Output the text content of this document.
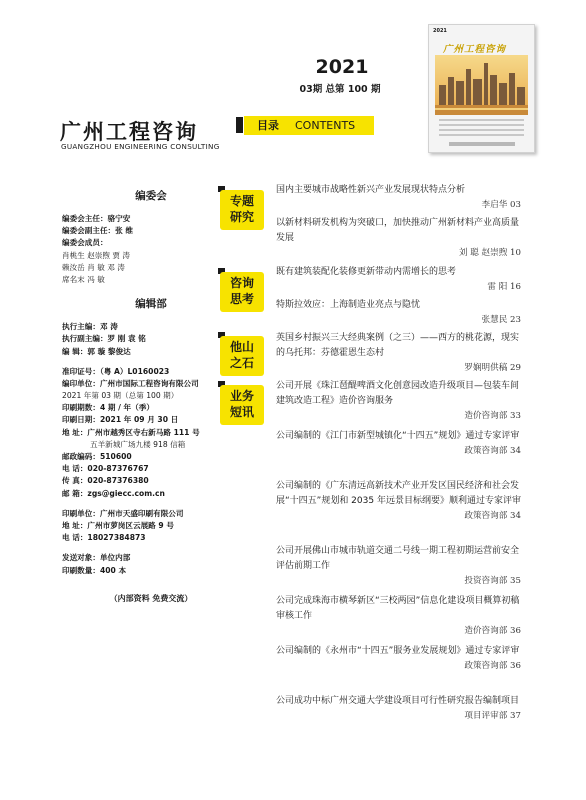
2021
03期 总第 100 期
广州工程咨询
GUANGZHOU ENGINEERING CONSULTING
目录 CONTENTS
2021
广州工程咨询
编委会
编委会主任：骆宁安
编委会副主任：张 维
编委会成员：
肖桃生 赵崇煦 贾 涛
赖汝岳 肖 敏 邓 涛
席名末 冯 敏
编辑部
执行主编：邓 涛
执行副主编：罗 刚 袁 铭
编 辑：郭 璇 黎俊达
准印证号：（粤 A）L0160023
编印单位：广州市国际工程咨询有限公司
2021 年第 03 期（总第 100 期）
印刷期数：4 期 / 年（季）
印刷日期：2021 年 09 月 30 日
地 址：广州市越秀区寺右新马路 111 号
五羊新城广场九楼 918 信箱
邮政编码：510600
电 话：020-87376767
传 真：020-87376380
邮 箱：zgs@giecc.com.cn
印刷单位：广州市天盛印刷有限公司
地 址：广州市萝岗区云展路 9 号
电 话：18027384873
发送对象：单位内部
印刷数量：400 本
（内部资料 免费交流）
专题
研究
咨询
思考
他山
之石
业务
短讯

国内主要城市战略性新兴产业发展现状特点分析

李启华 03

以新材料研发机构为突破口，加快推动广州新材料产业高质量发展

刘 聪 赵崇煦 10

既有建筑装配化装修更新带动内需增长的思考

雷 阳 16

特斯拉效应：上海制造业亮点与隐忧

张慧民 23

英国乡村振兴三大经典案例（之三）——西方的桃花源，现实的乌托邦：芬德霍恩生态村

罗娴明供稿 29

公司开展《珠江琶醍啤酒文化创意园改造升级项目—包装车间建筑改造工程》造价咨询服务

造价咨询部 33

公司编制的《江门市新型城镇化“十四五”规划》通过专家评审

政策咨询部 34

公司编制的《广东清远高新技术产业开发区国民经济和社会发展“十四五”规划和 2035 年远景目标纲要》顺利通过专家评审

政策咨询部 34

公司开展佛山市城市轨道交通二号线一期工程初期运营前安全评估前期工作

投资咨询部 35

公司完成珠海市横琴新区“三校两园”信息化建设项目概算初稿审核工作

造价咨询部 36

公司编制的《永州市“十四五”服务业发展规划》通过专家评审

政策咨询部 36

公司成功中标广州交通大学建设项目可行性研究报告编制项目

项目评审部 37
